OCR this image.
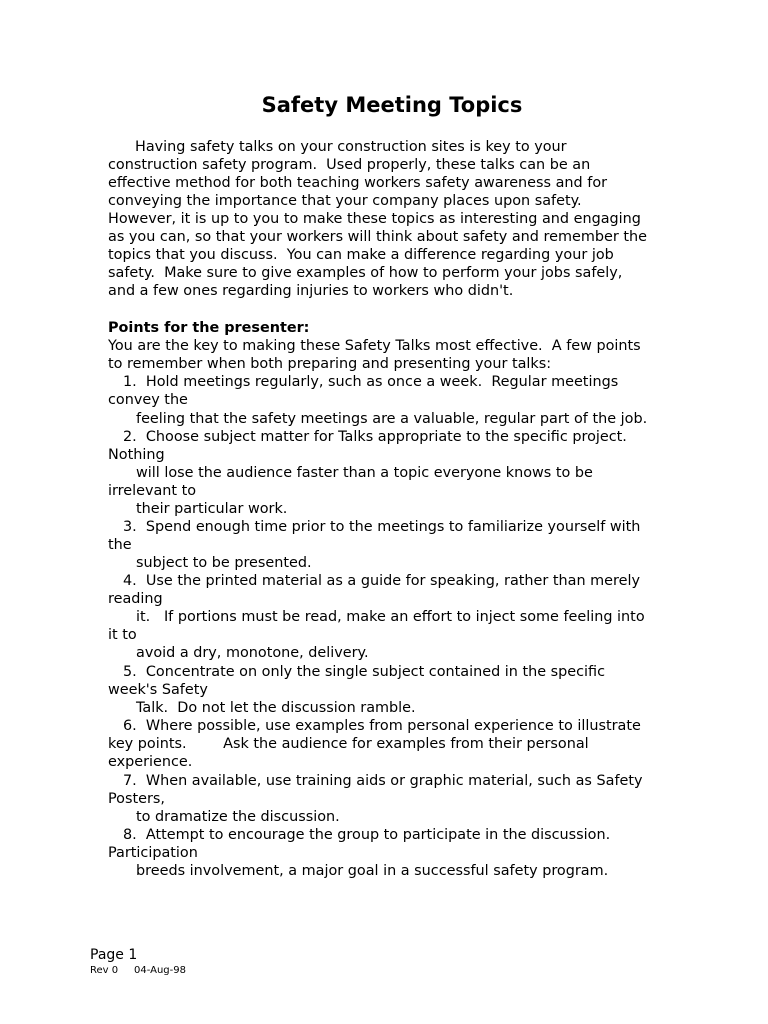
Safety Meeting Topics
Having safety talks on your construction sites is key to your
construction safety program.  Used properly, these talks can be an
effective method for both teaching workers safety awareness and for
conveying the importance that your company places upon safety.
However, it is up to you to make these topics as interesting and engaging
as you can, so that your workers will think about safety and remember the
topics that you discuss.  You can make a difference regarding your job
safety.  Make sure to give examples of how to perform your jobs safely,
and a few ones regarding injuries to workers who didn't.
Points for the presenter:
You are the key to making these Safety Talks most effective.  A few points
to remember when both preparing and presenting your talks:
1.  Hold meetings regularly, such as once a week.  Regular meetings
convey the
feeling that the safety meetings are a valuable, regular part of the job.
2.  Choose subject matter for Talks appropriate to the specific project.
Nothing
will lose the audience faster than a topic everyone knows to be
irrelevant to
their particular work.
3.  Spend enough time prior to the meetings to familiarize yourself with
the
subject to be presented.
4.  Use the printed material as a guide for speaking, rather than merely
reading
it.   If portions must be read, make an effort to inject some feeling into
it to
avoid a dry, monotone, delivery.
5.  Concentrate on only the single subject contained in the specific
week's Safety
Talk.  Do not let the discussion ramble.
6.  Where possible, use examples from personal experience to illustrate
key points.        Ask the audience for examples from their personal
experience.
7.  When available, use training aids or graphic material, such as Safety
Posters,
to dramatize the discussion.
8.  Attempt to encourage the group to participate in the discussion.
Participation
breeds involvement, a major goal in a successful safety program.
Page 1
Rev 0     04-Aug-98
